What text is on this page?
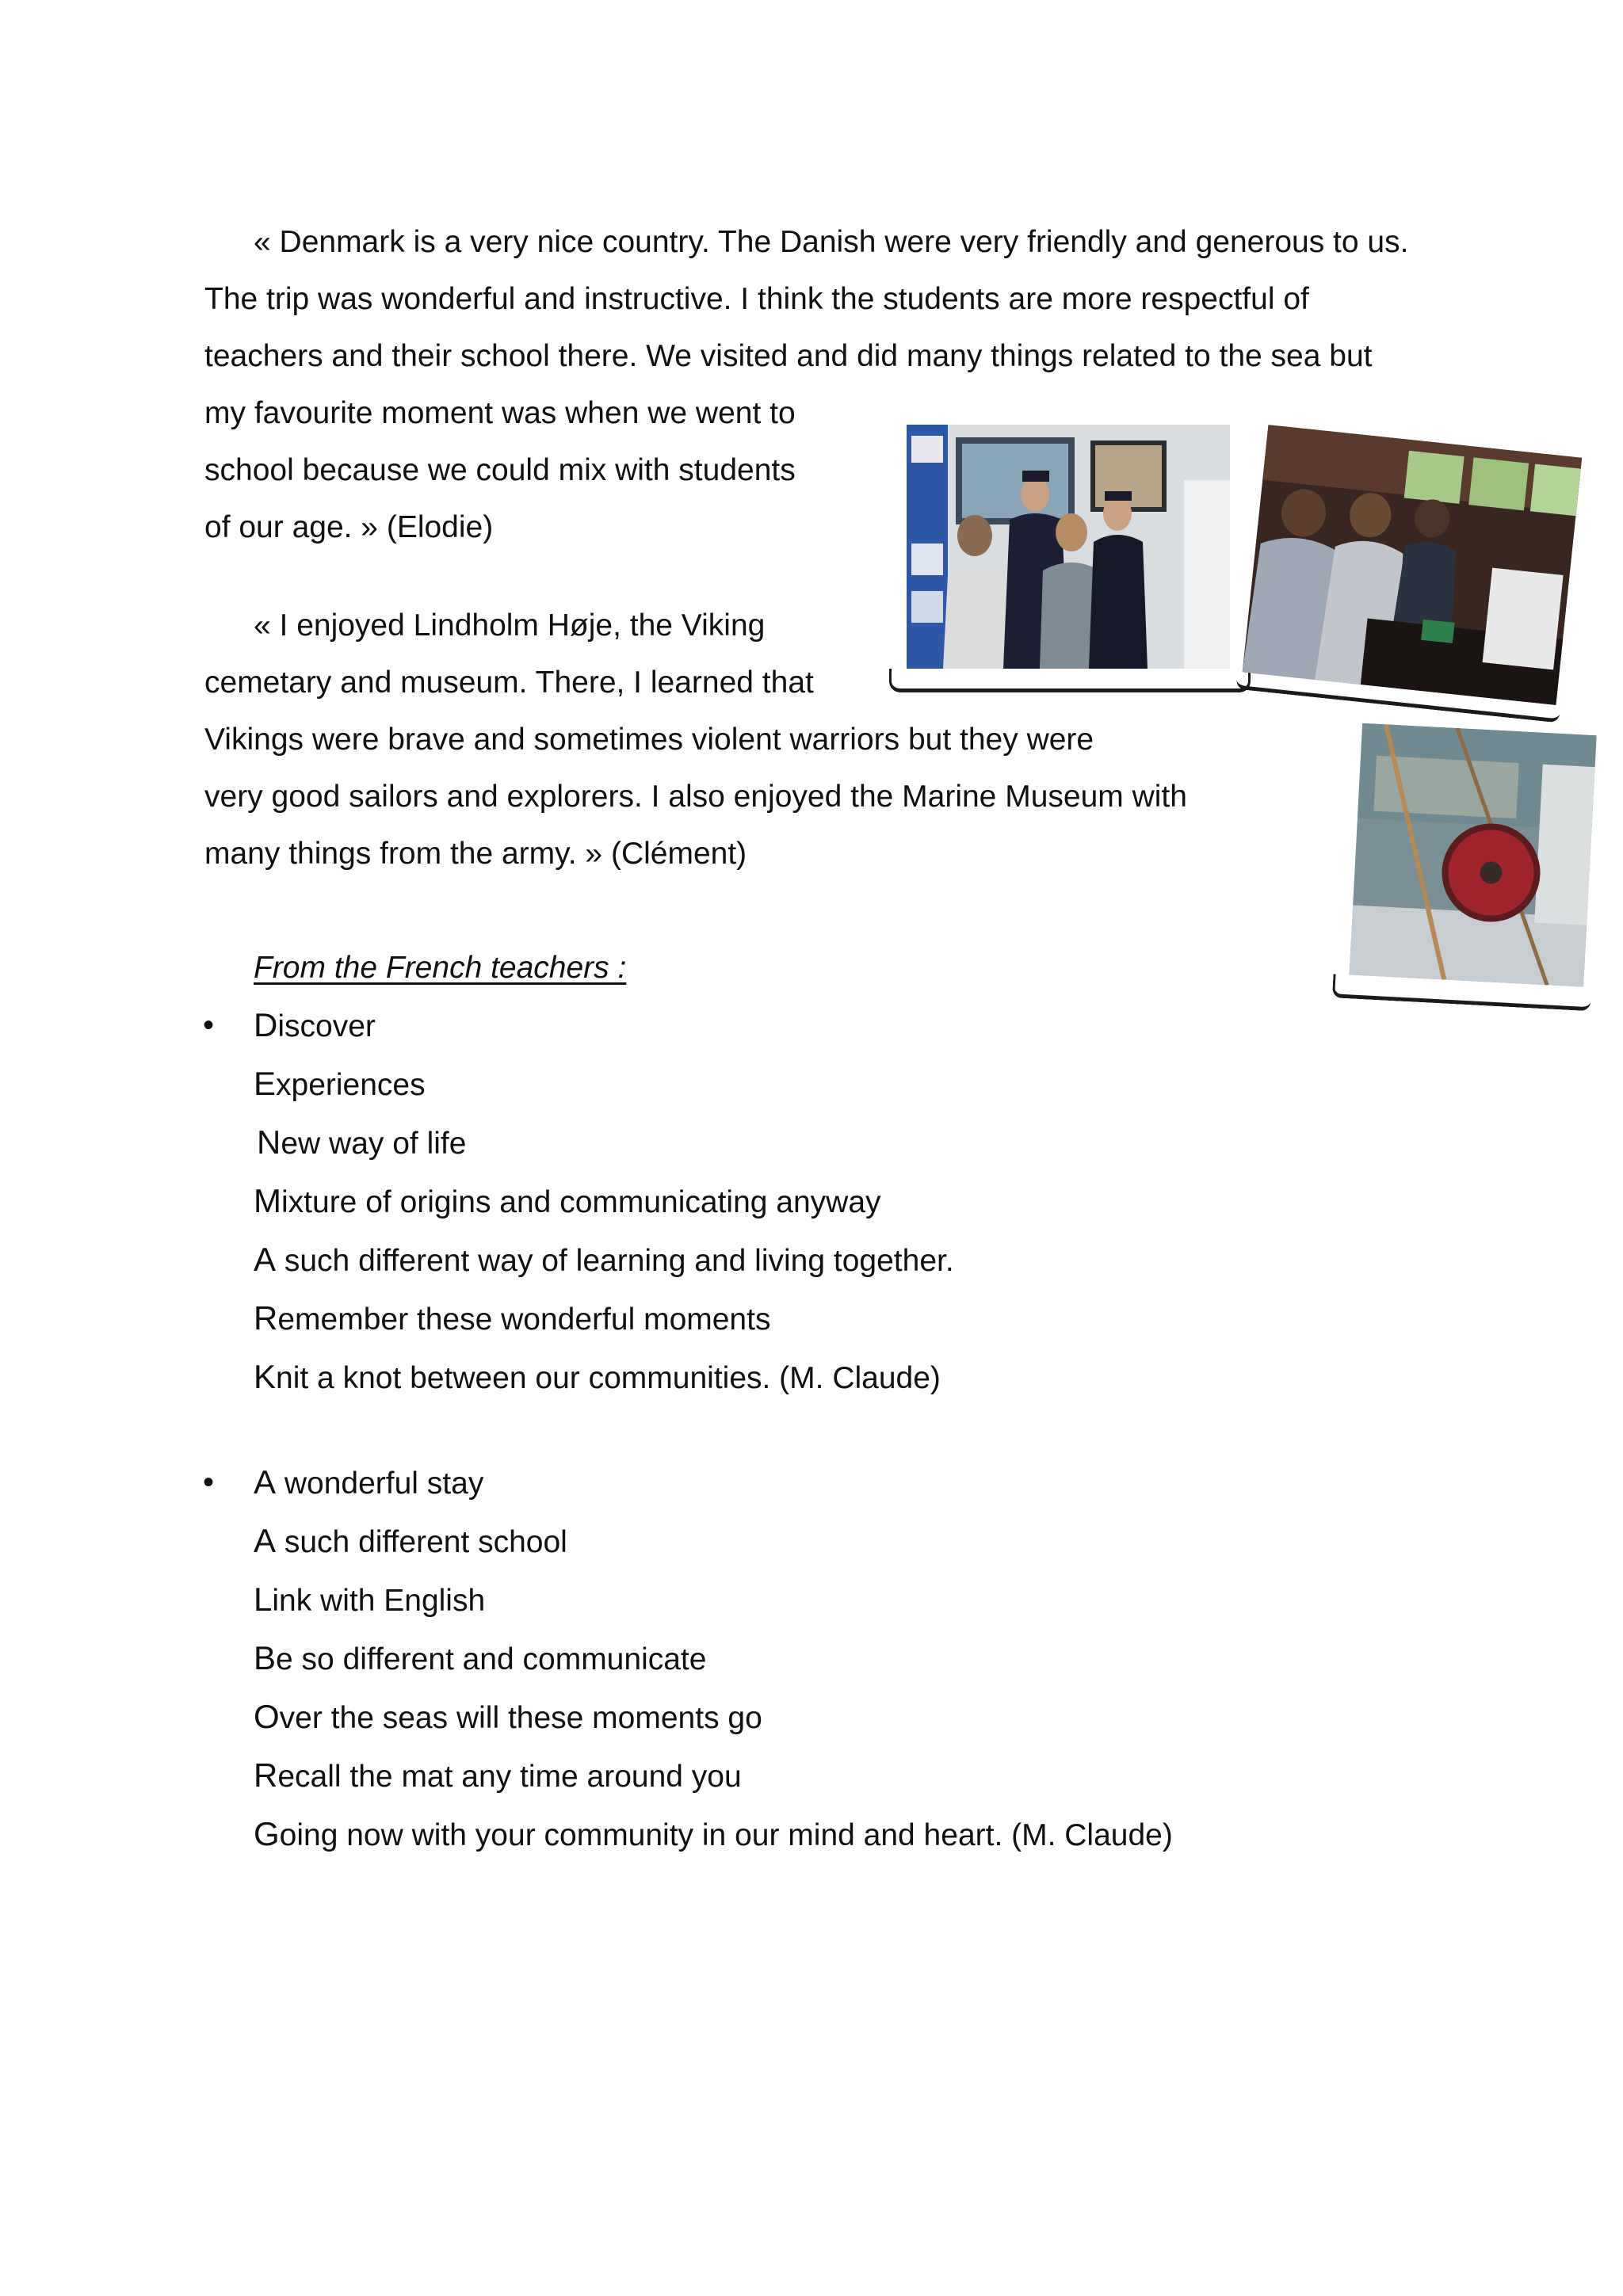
« Denmark is a very nice country. The Danish were very friendly and generous to us.

The trip was wonderful and instructive. I think the students are more respectful of

teachers and their school there. We visited and did many things related to the sea but

my favourite moment was when we went to

school because we could mix with students

of our age. » (Elodie)

« I enjoyed Lindholm Høje, the Viking

cemetary and museum. There, I learned that

Vikings were brave and sometimes violent warriors but they were

very good sailors and explorers. I also enjoyed the Marine Museum with

many things from the army. » (Clément)

From the French teachers :

• Discover

Experiences

New way of life

Mixture of origins and communicating anyway

A such different way of learning and living together.

Remember these wonderful moments

Knit a knot between our communities. (M. Claude)

• A wonderful stay

A such different school

Link with English

Be so different and communicate

Over the seas will these moments go

Recall the mat any time around you

Going now with your community in our mind and heart. (M. Claude)
